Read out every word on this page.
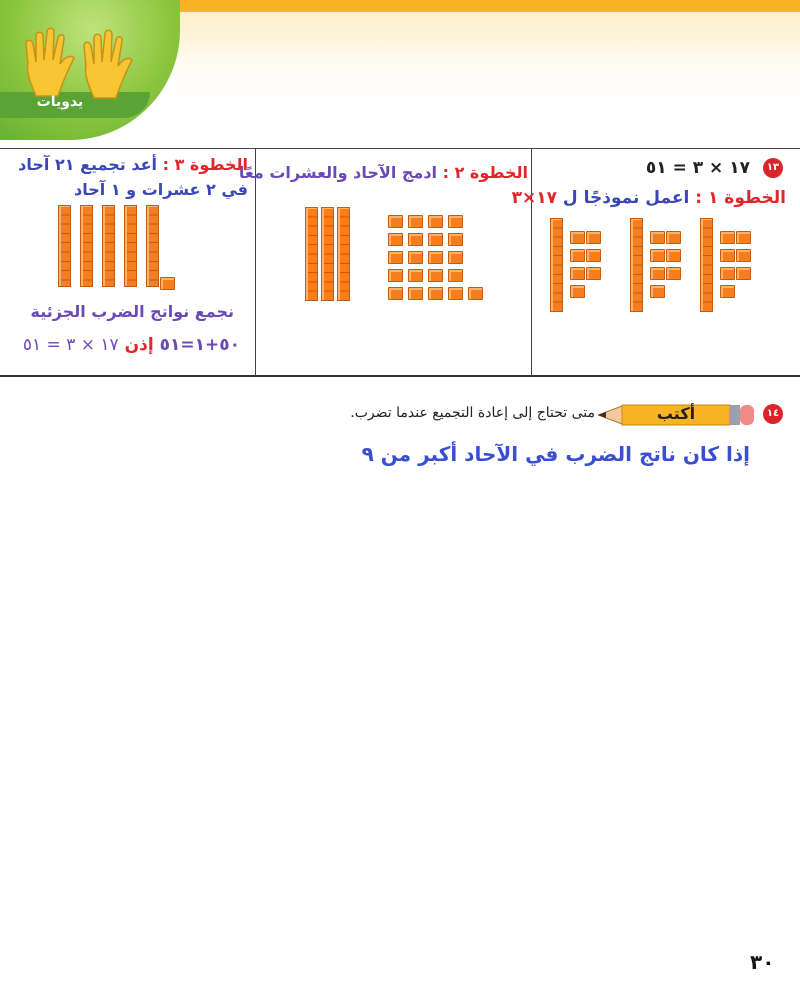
يدويات
١٣
١٧ × ٣ = ٥١
الخطوة ١ : اعمل نموذجًا ل ١٧×٣
الخطوة ٢ : ادمج الآحاد والعشرات معًا
الخطوة ٣ : أعد تجميع ٢١ آحاد
في ٢ عشرات و ١ آحاد
نجمع نواتج الضرب الجزئية
٥٠+١=٥١ إذن ١٧ × ٣ = ٥١
١٤
أكتب
متى تحتاج إلى إعادة التجميع عندما تضرب.
إذا كان ناتج الضرب في الآحاد أكبر من ٩
٣٠
